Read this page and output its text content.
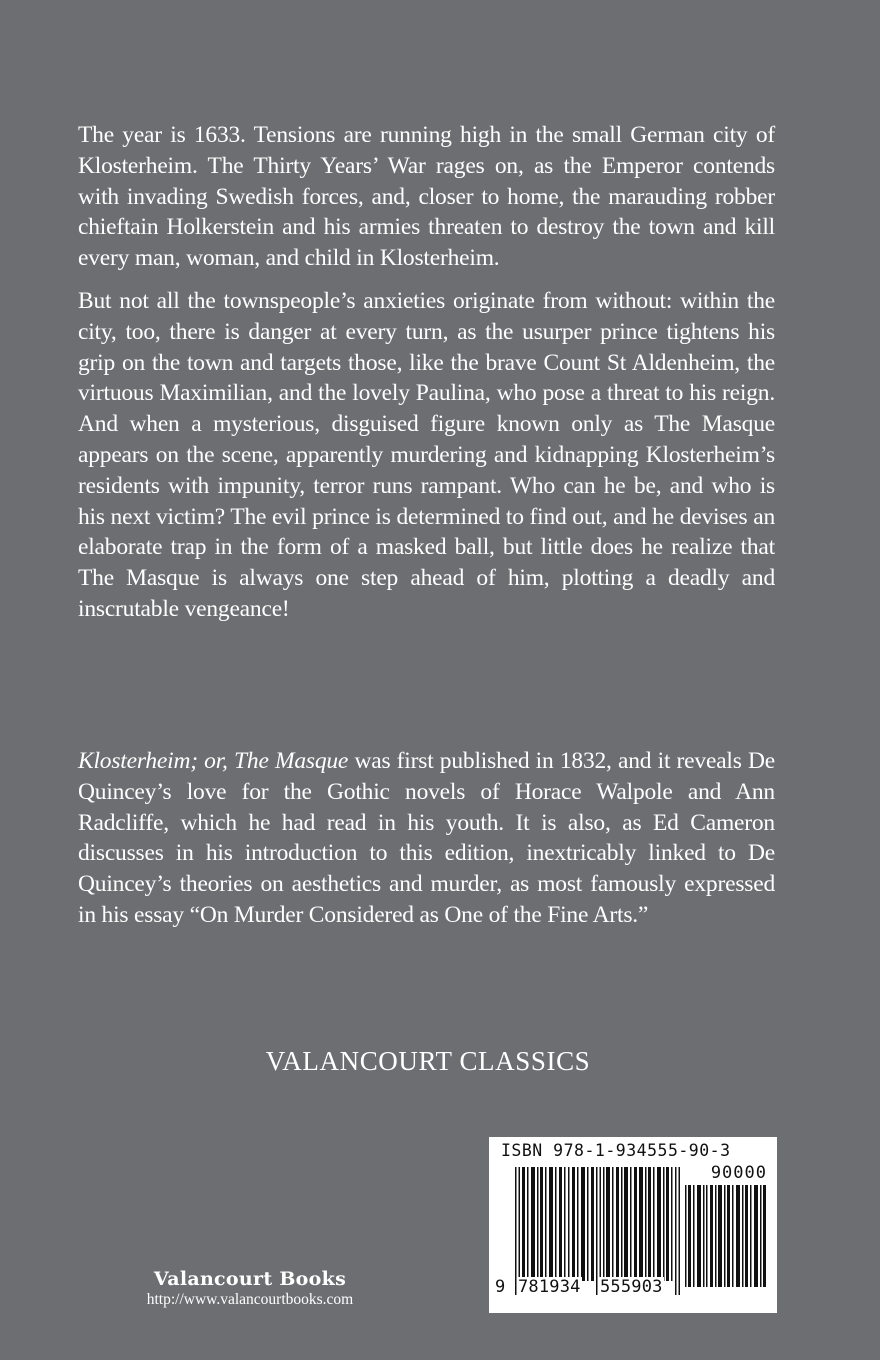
The year is 1633. Tensions are running high in the small German city of Klosterheim. The Thirty Years’ War rages on, as the Emperor contends with invading Swedish forces, and, closer to home, the marauding robber chieftain Holkerstein and his armies threaten to destroy the town and kill every man, woman, and child in Klosterheim.

But not all the townspeople’s anxieties originate from without: within the city, too, there is danger at every turn, as the usurper prince tightens his grip on the town and targets those, like the brave Count St Aldenheim, the virtuous Maximilian, and the lovely Paulina, who pose a threat to his reign. And when a mysterious, disguised figure known only as The Masque appears on the scene, apparently murdering and kidnapping Klosterheim’s residents with impunity, terror runs rampant. Who can he be, and who is his next victim? The evil prince is determined to find out, and he devises an elaborate trap in the form of a masked ball, but little does he realize that The Masque is always one step ahead of him, plotting a deadly and inscrutable vengeance!

Klosterheim; or, The Masque was first published in 1832, and it reveals De Quincey’s love for the Gothic novels of Horace Walpole and Ann Radcliffe, which he had read in his youth. It is also, as Ed Cameron discusses in his introduction to this edition, inextricably linked to De Quincey’s theories on aesthetics and murder, as most famously expressed in his essay “On Murder Considered as One of the Fine Arts.”

VALANCOURT CLASSICS
ISBN 978-1-934555-90-3
90000
9 781934 555903
Valancourt Books
http://www.valancourtbooks.com
